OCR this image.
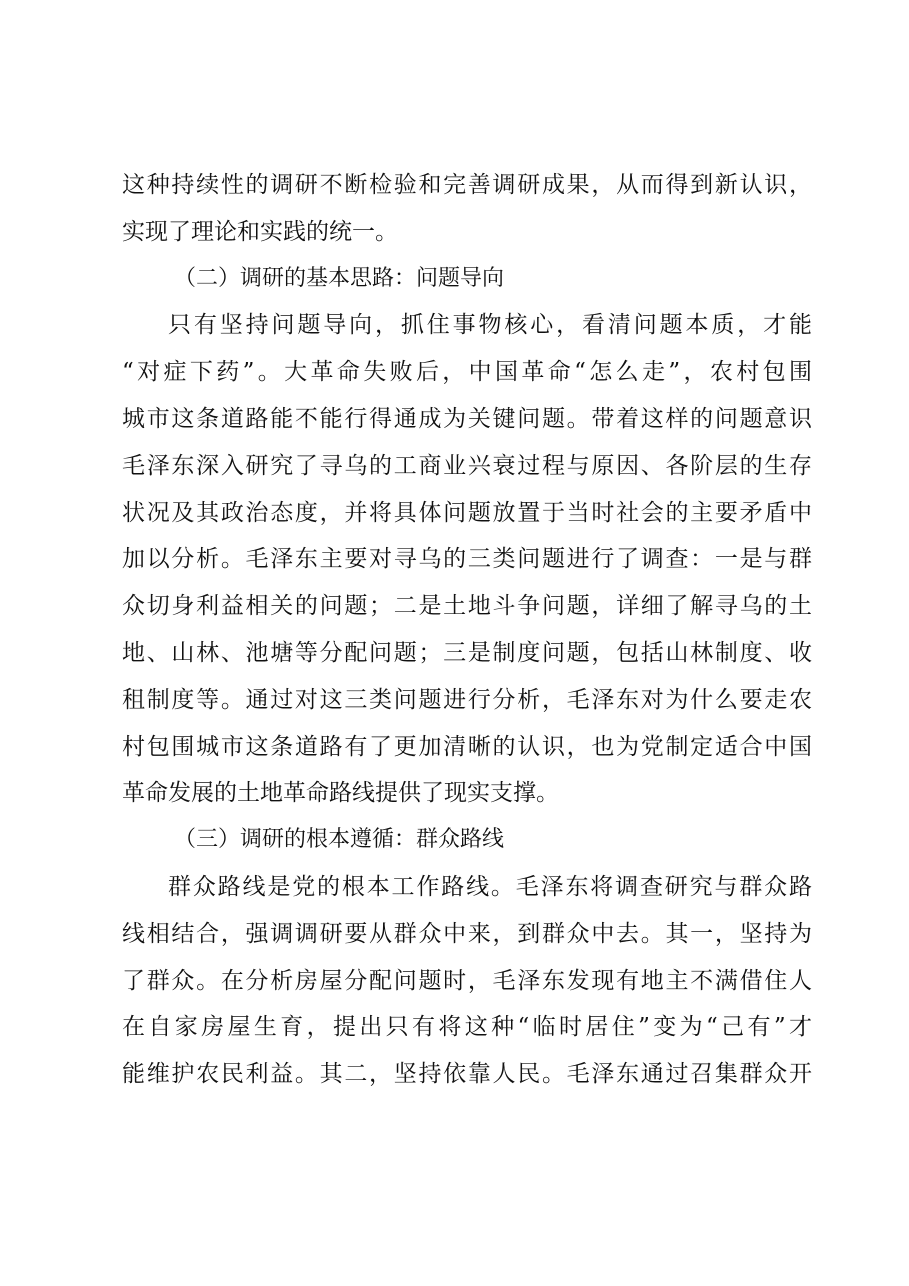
这种持续性的调研不断检验和完善调研成果，从而得到新认识，
实现了理论和实践的统一。
（二）调研的基本思路：问题导向
只有坚持问题导向，抓住事物核心，看清问题本质，才能
“对症下药”。大革命失败后，中国革命“怎么走”，农村包围
城市这条道路能不能行得通成为关键问题。带着这样的问题意识
毛泽东深入研究了寻乌的工商业兴衰过程与原因、各阶层的生存
状况及其政治态度，并将具体问题放置于当时社会的主要矛盾中
加以分析。毛泽东主要对寻乌的三类问题进行了调查：一是与群
众切身利益相关的问题；二是土地斗争问题，详细了解寻乌的土
地、山林、池塘等分配问题；三是制度问题，包括山林制度、收
租制度等。通过对这三类问题进行分析，毛泽东对为什么要走农
村包围城市这条道路有了更加清晰的认识，也为党制定适合中国
革命发展的土地革命路线提供了现实支撑。
（三）调研的根本遵循：群众路线
群众路线是党的根本工作路线。毛泽东将调查研究与群众路
线相结合，强调调研要从群众中来，到群众中去。其一，坚持为
了群众。在分析房屋分配问题时，毛泽东发现有地主不满借住人
在自家房屋生育，提出只有将这种“临时居住”变为“己有”才
能维护农民利益。其二，坚持依靠人民。毛泽东通过召集群众开
